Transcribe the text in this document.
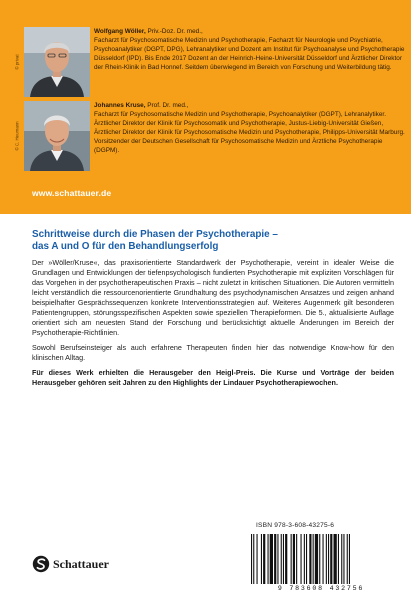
© privat
Wolfgang Wöller, Priv.-Doz. Dr. med.,
Facharzt für Psychosomatische Medizin und Psychotherapie, Facharzt für Neurologie und Psychiatrie, Psychoanalytiker (DGPT, DPG), Lehranalytiker und Dozent am Institut für Psychoanalyse und Psychotherapie Düsseldorf (IPD). Bis Ende 2017 Dozent an der Heinrich-Heine-Universität Düsseldorf und Ärztlicher Direktor der Rhein-Klinik in Bad Honnef. Seitdem überwiegend im Bereich von Forschung und Weiterbildung tätig.
© C. Heumann
Johannes Kruse, Prof. Dr. med.,
Facharzt für Psychosomatische Medizin und Psychotherapie, Psychoanalytiker (DGPT), Lehranalytiker. Ärztlicher Direktor der Klinik für Psychosomatik und Psychotherapie, Justus-Liebig-Universität Gießen, Ärztlicher Direktor der Klinik für Psychosomatische Medizin und Psychotherapie, Philipps-Universität Marburg. Vorsitzender der Deutschen Gesellschaft für Psychosomatische Medizin und Ärztliche Psychotherapie (DGPM).
www.schattauer.de
Schrittweise durch die Phasen der Psychotherapie –
das A und O für den Behandlungserfolg

Der »Wöller/Kruse«, das praxisorientierte Standardwerk der Psychotherapie, vereint in idealer Weise die Grundlagen und Entwicklungen der tiefenpsychologisch fundierten Psychotherapie mit expliziten Vorschlägen für das Vorgehen in der psychotherapeutischen Praxis – nicht zuletzt in kritischen Situationen. Die Autoren vermitteln leicht verständlich die ressourcenorientierte Grundhaltung des psychodynamischen Ansatzes und zeigen anhand beispielhafter Gesprächssequenzen konkrete Interventionsstrategien auf. Weiteres Augenmerk gilt besonderen Patientengruppen, störungsspezifischen Aspekten sowie speziellen Therapieformen. Die 5., aktualisierte Auflage orientiert sich am neuesten Stand der Forschung und berücksichtigt aktuelle Änderungen im Bereich der Psychotherapie-Richtlinien.

Sowohl Berufseinsteiger als auch erfahrene Therapeuten finden hier das notwendige Know-how für den klinischen Alltag.

Für dieses Werk erhielten die Herausgeber den Heigl-Preis. Die Kurse und Vorträge der beiden Herausgeber gehören seit Jahren zu den Highlights der Lindauer Psychotherapiewochen.

ISBN 978-3-608-43275-6
9 783608 432756
Schattauer
